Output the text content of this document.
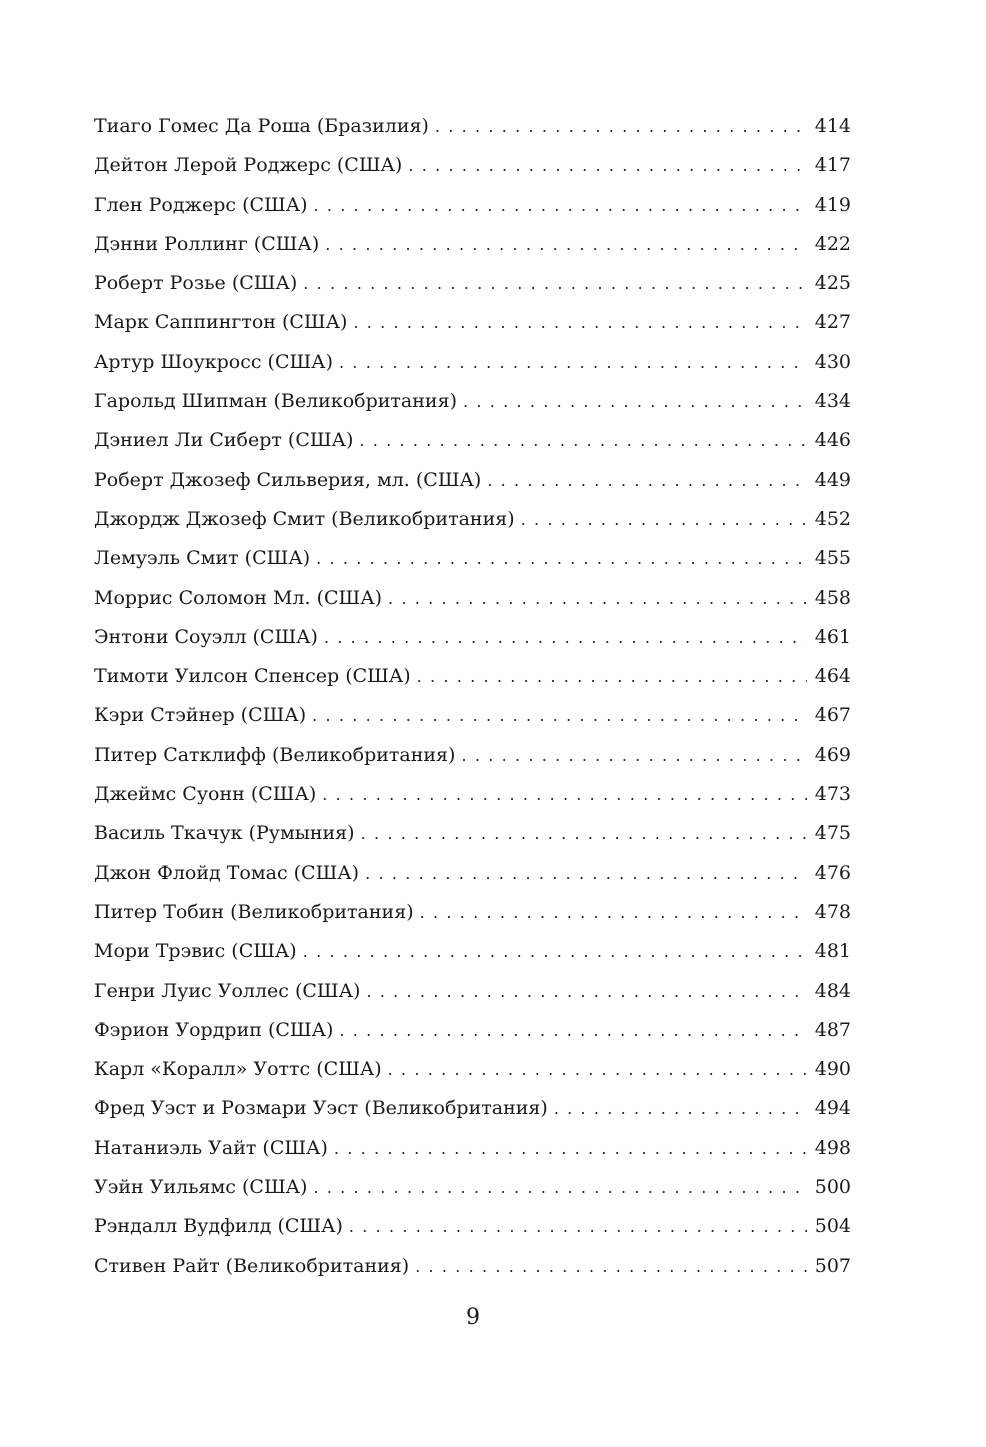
Тиаго Гомес Да Роша (Бразилия) . . .	414
Дейтон Лерой Роджерс (США) . . .	417
Глен Роджерс (США) . . .	419
Дэнни Роллинг (США) . . .	422
Роберт Розье (США) . . .	425
Марк Саппингтон (США) . . .	427
Артур Шоукросс (США) . . .	430
Гарольд Шипман (Великобритания) . . .	434
Дэниел Ли Сиберт (США) . . .	446
Роберт Джозеф Сильверия, мл. (США) . . .	449
Джордж Джозеф Смит (Великобритания) . . .	452
Лемуэль Смит (США) . . .	455
Моррис Соломон Мл. (США) . . .	458
Энтони Соуэлл (США) . . .	461
Тимоти Уилсон Спенсер (США) . . .	464
Кэри Стэйнер (США) . . .	467
Питер Сатклифф (Великобритания) . . .	469
Джеймс Суонн (США) . . .	473
Василь Ткачук (Румыния) . . .	475
Джон Флойд Томас (США) . . .	476
Питер Тобин (Великобритания) . . .	478
Мори Трэвис (США) . . .	481
Генри Луис Уоллес (США) . . .	484
Фэрион Уордрип (США) . . .	487
Карл «Коралл» Уоттс (США) . . .	490
Фред Уэст и Розмари Уэст (Великобритания) . . .	494
Натаниэль Уайт (США) . . .	498
Уэйн Уильямс (США) . . .	500
Рэндалл Вудфилд (США) . . .	504
Стивен Райт (Великобритания) . . .	507
9
